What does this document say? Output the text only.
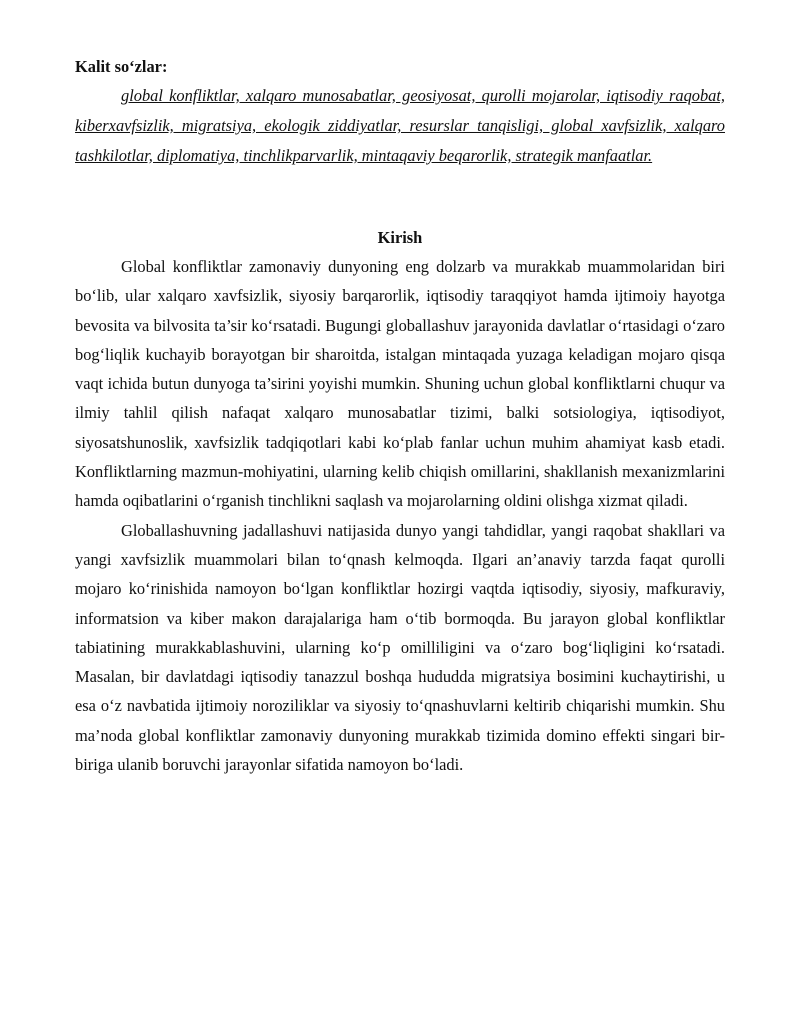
Kalit so‘zlar:

global konfliktlar, xalqaro munosabatlar, geosiyosat, qurolli mojarolar, iqtisodiy raqobat, kiberxavfsizlik, migratsiya, ekologik ziddiyatlar, resurslar tanqisligi, global xavfsizlik, xalqaro tashkilotlar, diplomatiya, tinchlikparvarlik, mintaqaviy beqarorlik, strategik manfaatlar.

Kirish

Global konfliktlar zamonaviy dunyoning eng dolzarb va murakkab muammolaridan biri bo‘lib, ular xalqaro xavfsizlik, siyosiy barqarorlik, iqtisodiy taraqqiyot hamda ijtimoiy hayotga bevosita va bilvosita ta’sir ko‘rsatadi. Bugungi globallashuv jarayonida davlatlar o‘rtasidagi o‘zaro bog‘liqlik kuchayib borayotgan bir sharoitda, istalgan mintaqada yuzaga keladigan mojaro qisqa vaqt ichida butun dunyoga ta’sirini yoyishi mumkin. Shuning uchun global konfliktlarni chuqur va ilmiy tahlil qilish nafaqat xalqaro munosabatlar tizimi, balki sotsiologiya, iqtisodiyot, siyosatshunoslik, xavfsizlik tadqiqotlari kabi ko‘plab fanlar uchun muhim ahamiyat kasb etadi. Konfliktlarning mazmun-mohiyatini, ularning kelib chiqish omillarini, shakllanish mexanizmlarini hamda oqibatlarini o‘rganish tinchlikni saqlash va mojarolarning oldini olishga xizmat qiladi.

Globallashuvning jadallashuvi natijasida dunyo yangi tahdidlar, yangi raqobat shakllari va yangi xavfsizlik muammolari bilan to‘qnash kelmoqda. Ilgari an’anaviy tarzda faqat qurolli mojaro ko‘rinishida namoyon bo‘lgan konfliktlar hozirgi vaqtda iqtisodiy, siyosiy, mafkuraviy, informatsion va kiber makon darajalariga ham o‘tib bormoqda. Bu jarayon global konfliktlar tabiatining murakkablashuvini, ularning ko‘p omilliligini va o‘zaro bog‘liqligini ko‘rsatadi. Masalan, bir davlatdagi iqtisodiy tanazzul boshqa hududda migratsiya bosimini kuchaytirishi, u esa o‘z navbatida ijtimoiy noroziliklar va siyosiy to‘qnashuvlarni keltirib chiqarishi mumkin. Shu ma’noda global konfliktlar zamonaviy dunyoning murakkab tizimida domino effekti singari bir-biriga ulanib boruvchi jarayonlar sifatida namoyon bo‘ladi.
